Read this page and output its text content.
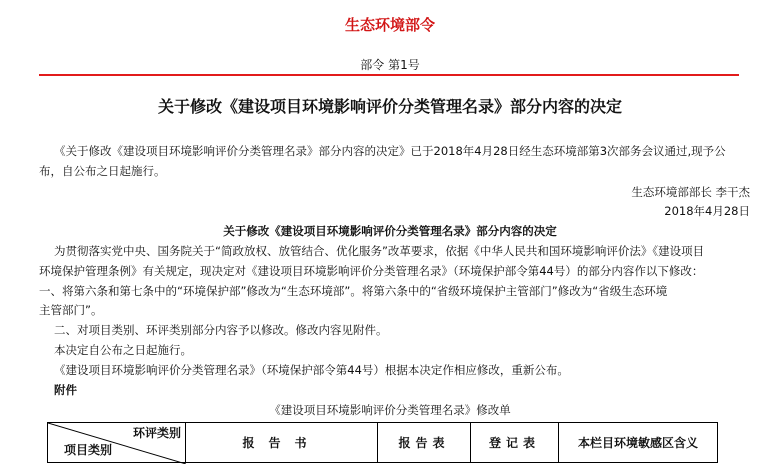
生态环境部令
部令 第1号
关于修改《建设项目环境影响评价分类管理名录》部分内容的决定
《关于修改《建设项目环境影响评价分类管理名录》部分内容的决定》已于2018年4月28日经生态环境部第3次部务会议通过,现予公
布，自公布之日起施行。
生态环境部部长 李干杰
2018年4月28日
关于修改《建设项目环境影响评价分类管理名录》部分内容的决定
为贯彻落实党中央、国务院关于“简政放权、放管结合、优化服务”改革要求，依据《中华人民共和国环境影响评价法》《建设项目
环境保护管理条例》有关规定，现决定对《建设项目环境影响评价分类管理名录》（环境保护部令第44号）的部分内容作以下修改：
一、将第六条和第七条中的“环境保护部”修改为“生态环境部”。将第六条中的“省级环境保护主管部门”修改为“省级生态环境
主管部门”。
二、对项目类别、环评类别部分内容予以修改。修改内容见附件。
本决定自公布之日起施行。
《建设项目环境影响评价分类管理名录》（环境保护部令第44号）根据本决定作相应修改，重新公布。
附件
《建设项目环境影响评价分类管理名录》修改单
环评类别
项目类别	报告书	报告表	登记表	本栏目环境敏感区含义
